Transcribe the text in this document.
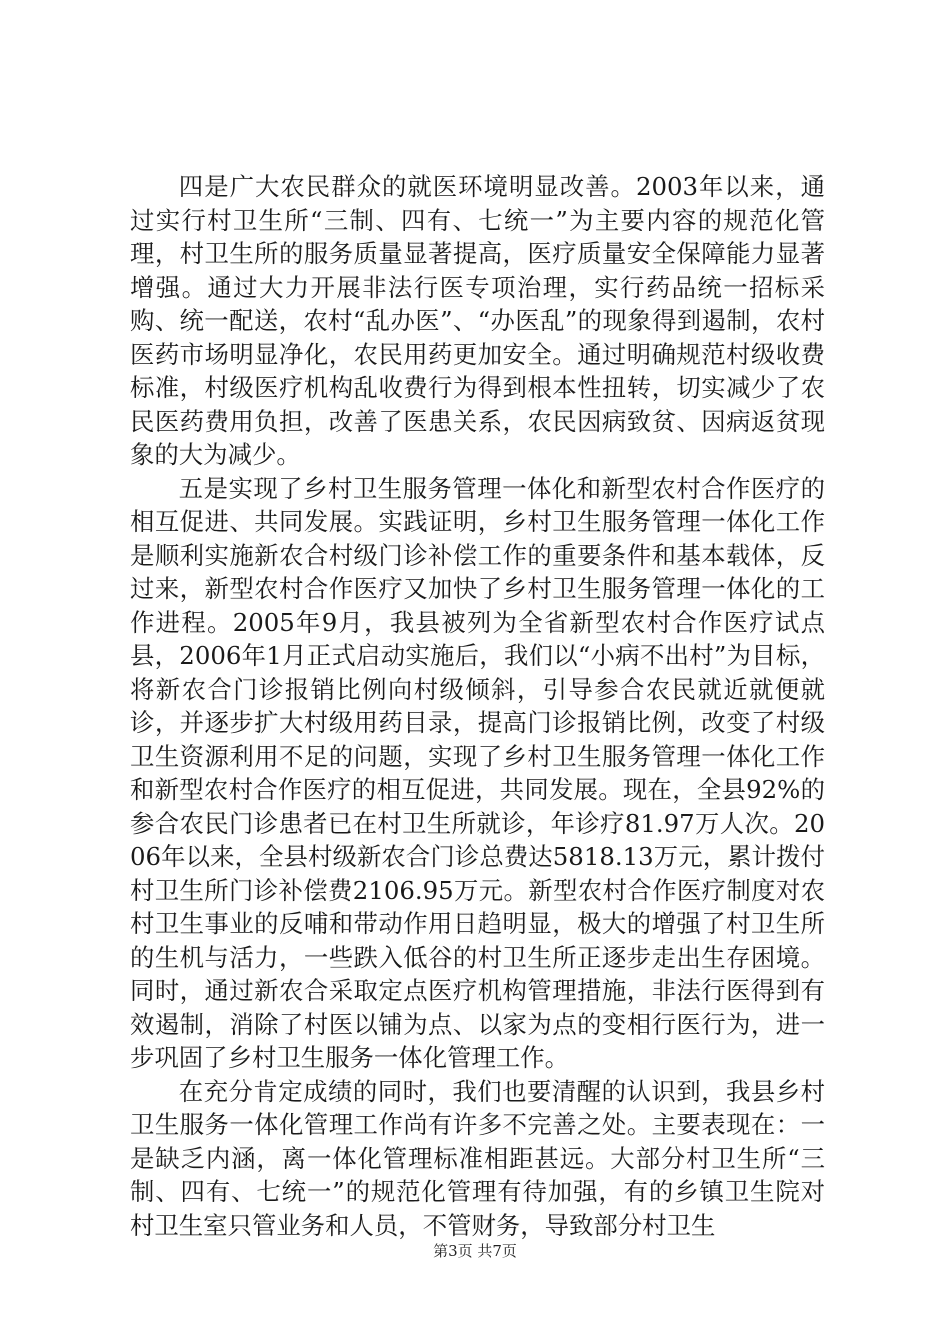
四是广大农民群众的就医环境明显改善。2003年以来，通过实行村卫生所“三制、四有、七统一”为主要内容的规范化管理，村卫生所的服务质量显著提高，医疗质量安全保障能力显著增强。通过大力开展非法行医专项治理，实行药品统一招标采购、统一配送，农村“乱办医”、“办医乱”的现象得到遏制，农村医药市场明显净化，农民用药更加安全。通过明确规范村级收费标准，村级医疗机构乱收费行为得到根本性扭转，切实减少了农民医药费用负担，改善了医患关系，农民因病致贫、因病返贫现象的大为减少。

五是实现了乡村卫生服务管理一体化和新型农村合作医疗的相互促进、共同发展。实践证明，乡村卫生服务管理一体化工作是顺利实施新农合村级门诊补偿工作的重要条件和基本载体，反过来，新型农村合作医疗又加快了乡村卫生服务管理一体化的工作进程。2005年9月，我县被列为全省新型农村合作医疗试点县，2006年1月正式启动实施后，我们以“小病不出村”为目标，将新农合门诊报销比例向村级倾斜，引导参合农民就近就便就诊，并逐步扩大村级用药目录，提高门诊报销比例，改变了村级卫生资源利用不足的问题，实现了乡村卫生服务管理一体化工作和新型农村合作医疗的相互促进，共同发展。现在，全县92%的参合农民门诊患者已在村卫生所就诊，年诊疗81.97万人次。2006年以来，全县村级新农合门诊总费达5818.13万元，累计拨付村卫生所门诊补偿费2106.95万元。新型农村合作医疗制度对农村卫生事业的反哺和带动作用日趋明显，极大的增强了村卫生所的生机与活力，一些跌入低谷的村卫生所正逐步走出生存困境。同时，通过新农合采取定点医疗机构管理措施，非法行医得到有效遏制，消除了村医以铺为点、以家为点的变相行医行为，进一步巩固了乡村卫生服务一体化管理工作。

在充分肯定成绩的同时，我们也要清醒的认识到，我县乡村卫生服务一体化管理工作尚有许多不完善之处。主要表现在：一是缺乏内涵，离一体化管理标准相距甚远。大部分村卫生所“三制、四有、七统一”的规范化管理有待加强，有的乡镇卫生院对村卫生室只管业务和人员，不管财务，导致部分村卫生

第3页 共7页
